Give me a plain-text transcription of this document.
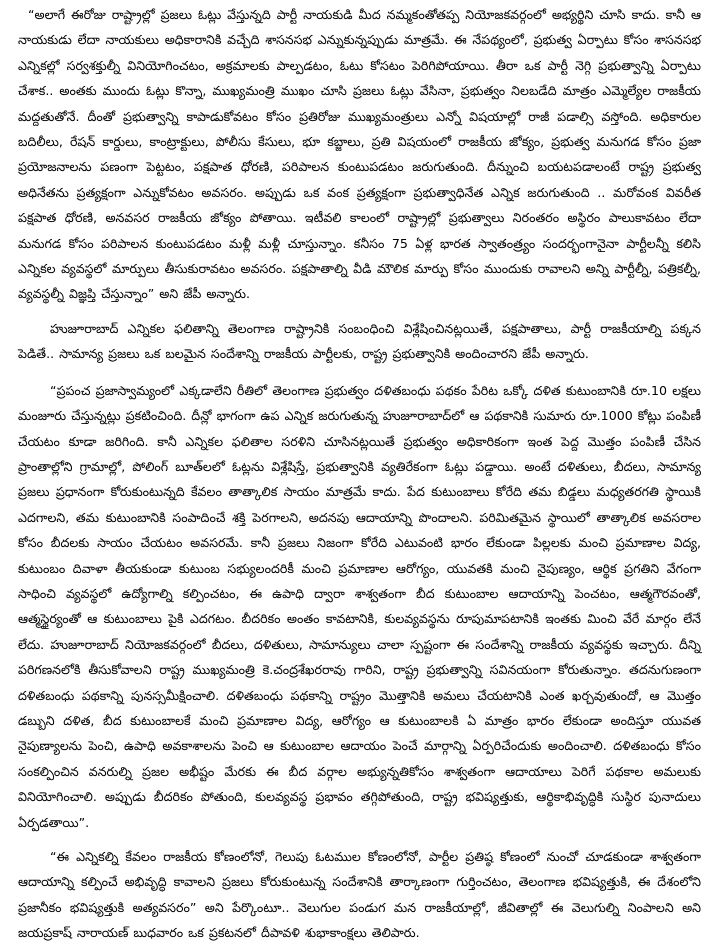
“అలాగే ఈరోజు రాష్ట్రాల్లో ప్రజలు ఓట్లు వేస్తున్నది పార్టీ నాయకుడి మీద నమ్మకంతోతప్ప నియోజకవర్గంలో అభ్యర్థిని చూసి కాదు. కానీ ఆ నాయకుడు లేదా నాయకులు అధికారానికి వచ్చేది శాసనసభ ఎన్నుకున్నప్పుడు మాత్రమే. ఈ నేపథ్యంలో, ప్రభుత్వ ఏర్పాటు కోసం శాసనసభ ఎన్నికల్లో సర్వశక్తుల్నీ వినియోగించటం, అక్రమాలకు పాల్పడటం, ఓటు కోసటం పెరిగిపోయాయి. తీరా ఒక పార్టీ నెగ్గి ప్రభుత్వాన్ని ఏర్పాటు చేశాక.. అంతకు ముందు ఓట్లు కొన్నా, ముఖ్యమంత్రి ముఖం చూసి ప్రజలు ఓట్లు వేసినా, ప్రభుత్వం నిలబడేది మాత్రం ఎమ్మెల్యేల రాజకీయ మద్దతుతోనే. దీంతో ప్రభుత్వాన్ని కాపాడుకోవటం కోసం ప్రతిరోజు ముఖ్యమంత్రులు ఎన్నో విషయాల్లో రాజీ పడాల్సి వస్తోంది. అధికారుల బదిలీలు, రేషన్ కార్డులు, కాంట్రాక్టులు, పోలీసు కేసులు, భూ కబ్జాలు, ప్రతి విషయంలో రాజకీయ జోక్యం, ప్రభుత్వ మనుగడ కోసం ప్రజా ప్రయోజనాలను పణంగా పెట్టటం, పక్షపాత ధోరణి, పరిపాలన కుంటుపడటం జరుగుతుంది. దీన్నుంచి బయటపడాలంటే రాష్ట్ర ప్రభుత్వ అధినేతను ప్రత్యక్షంగా ఎన్నుకోవటం అవసరం. అప్పుడు ఒక వంక ప్రత్యక్షంగా ప్రభుత్వాధినేత ఎన్నిక జరుగుతుంది .. మరోవంక వివరీత పక్షపాత ధోరణి, అనవసర రాజకీయ జోక్యం పోతాయి. ఇటీవలి కాలంలో రాష్ట్రాల్లో ప్రభుత్వాలు నిరంతరం అస్థిరం పాలుకావటం లేదా మనుగడ కోసం పరిపాలన కుంటుపడటం మళ్లీ మళ్లీ చూస్తున్నాం. కనీసం 75 ఏళ్ల భారత స్వాతంత్ర్యం సందర్భంగానైనా పార్టీలన్నీ కలిసి ఎన్నికల వ్యవస్థలో మార్పులు తీసుకురావటం అవసరం. పక్షపాతాల్ని వీడి మౌలిక మార్పు కోసం ముందుకు రావాలని అన్ని పార్టీల్నీ, పత్రికల్నీ, వ్యవస్థల్నీ విజ్ఞప్తి చేస్తున్నాం” అని జేపీ అన్నారు.

హుజూరాబాద్ ఎన్నికల ఫలితాన్ని తెలంగాణ రాష్ట్రానికి సంబంధించి విశ్లేషించినట్లయితే, పక్షపాతాలు, పార్టీ రాజకీయాల్ని పక్కన పెడితే.. సామాన్య ప్రజలు ఒక బలమైన సందేశాన్ని రాజకీయ పార్టీలకు, రాష్ట్ర ప్రభుత్వానికి అందించారని జేపీ అన్నారు.

“ప్రపంచ ప్రజాస్వామ్యంలో ఎక్కడాలేని రీతిలో తెలంగాణ ప్రభుత్వం దళితబంధు పథకం పేరిట ఒక్కో దళిత కుటుంబానికి రూ.10 లక్షలు మంజూరు చేస్తున్నట్లు ప్రకటించింది. దీన్లో భాగంగా ఉప ఎన్నిక జరుగుతున్న హుజూరాబాద్‌లో ఆ పథకానికి సుమారు రూ.1000 కోట్లు పంపిణీ చేయటం కూడా జరిగింది. కానీ ఎన్నికల ఫలితాల సరళిని చూసినట్లయితే ప్రభుత్వం అధికారికంగా ఇంత పెద్ద మొత్తం పంపిణీ చేసిన ప్రాంతాల్లోని గ్రామాల్లో, పోలింగ్ బూత్‌లలో ఓట్లను విశ్లేషిస్తే, ప్రభుత్వానికి వ్యతిరేకంగా ఓట్లు పడ్డాయి. అంటే దళితులు, బీదలు, సామాన్య ప్రజలు ప్రధానంగా కోరుకుంటున్నది కేవలం తాత్కాలిక సాయం మాత్రమే కాదు. పేద కుటుంబాలు కోరేది తమ బిడ్డలు మధ్యతరగతి స్థాయికి ఎదగాలని, తమ కుటుంబానికి సంపాదించే శక్తి పెరగాలని, అదనపు ఆదాయాన్ని పొందాలని. పరిమితమైన స్థాయిలో తాత్కాలిక అవసరాల కోసం బీదలకు సాయం చేయటం అవసరమే. కానీ ప్రజలు నిజంగా కోరేది ఎటువంటి భారం లేకుండా పిల్లలకు మంచి ప్రమాణాల విద్య, కుటుంబం దివాళా తీయకుండా కుటుంబ సభ్యులందరికీ మంచి ప్రమాణాల ఆరోగ్యం, యువతకి మంచి నైపుణ్యం, ఆర్థిక ప్రగతిని వేగంగా సాధించి వ్యవస్థలో ఉద్యోగాల్ని కల్పించటం, ఈ ఉపాధి ద్వారా శాశ్వతంగా బీద కుటుంబాల ఆదాయాన్ని పెంచటం, ఆత్మగౌరవంతో, ఆత్మస్థైర్యంతో ఆ కుటుంబాలు పైకి ఎదగటం. బీదరికం అంతం కావటానికి, కులవ్యవస్థను రూపుమాపటానికి ఇంతకు మించి వేరే మార్గం లేనే లేదు. హుజూరాబాద్ నియోజకవర్గంలో బీదలు, దళితులు, సామాన్యులు చాలా స్పష్టంగా ఈ సందేశాన్ని రాజకీయ వ్యవస్థకు ఇచ్చారు. దీన్ని పరిగణనలోకి తీసుకోవాలని రాష్ట్ర ముఖ్యమంత్రి కె.చంద్రశేఖరరావు గారిని, రాష్ట్ర ప్రభుత్వాన్ని సవినయంగా కోరుతున్నాం. తదనుగుణంగా దళితబంధు పథకాన్ని పునస్సమీక్షించాలి. దళితబంధు పథకాన్ని రాష్ట్రం మొత్తానికి అమలు చేయటానికి ఎంత ఖర్చవుతుందో, ఆ మొత్తం డబ్బుని దళిత, బీద కుటుంబాలకే మంచి ప్రమాణాల విద్య, ఆరోగ్యం ఆ కుటుంబాలకి ఏ మాత్రం భారం లేకుండా అందిస్తూ యువత నైపుణ్యాలను పెంచి, ఉపాధి అవకాశాలను పెంచి ఆ కుటుంబాల ఆదాయం పెంచే మార్గాన్ని ఏర్పరిచేందుకు అందించాలి. దళితబంధు కోసం సంకల్పించిన వనరుల్ని ప్రజల అభీష్టం మేరకు ఈ బీద వర్గాల అభ్యున్నతికోసం శాశ్వతంగా ఆదాయాలు పెరిగే పథకాల అమలుకు వినియోగించాలి. అప్పుడు బీదరికం పోతుంది, కులవ్యవస్థ ప్రభావం తగ్గిపోతుంది, రాష్ట్ర భవిష్యత్తుకు, ఆర్థికాభివృద్ధికి సుస్థిర పునాదులు ఏర్పడతాయి”.

“ఈ ఎన్నికల్ని కేవలం రాజకీయ కోణంలోనో, గెలుపు ఓటముల కోణంలోనో, పార్టీల ప్రతిష్ఠ కోణంలో నుంచో చూడకుండా శాశ్వతంగా ఆదాయాన్ని కల్పించే అభివృద్ధి కావాలని ప్రజలు కోరుకుంటున్న సందేశానికి తార్కాణంగా గుర్తించటం, తెలంగాణ భవిష్యత్తుకి, ఈ దేశంలోని ప్రజానీకం భవిష్యత్తుకి అత్యవసరం” అని పేర్కొంటూ.. వెలుగుల పండుగ మన రాజకీయాల్లో, జీవితాల్లో ఈ వెలుగుల్ని నింపాలని అని జయప్రకాష్ నారాయణ్ బుధవారం ఒక ప్రకటనలో దీపావళి శుభాకాంక్షలు తెలిపారు.
